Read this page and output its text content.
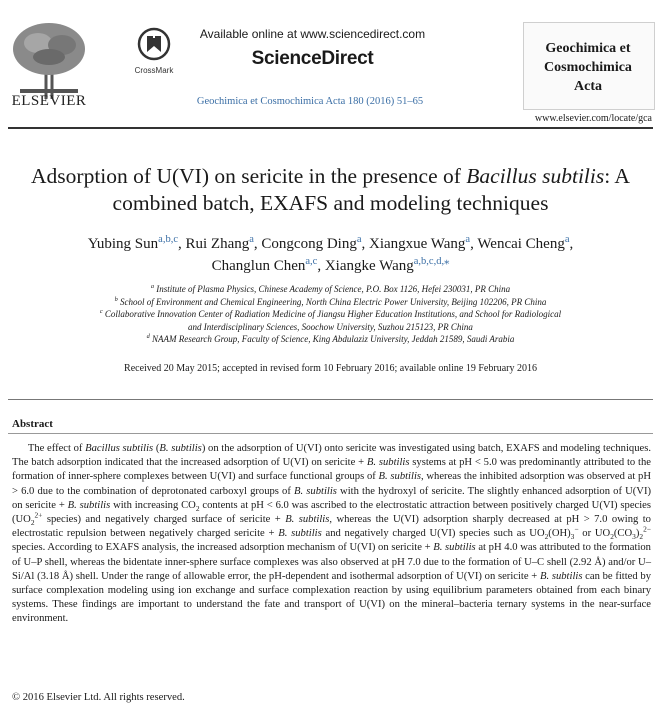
ELSEVIER
CrossMark
Available online at www.sciencedirect.com
ScienceDirect
Geochimica et Cosmochimica Acta 180 (2016) 51–65
Geochimica et
Cosmochimica
Acta
www.elsevier.com/locate/gca
Adsorption of U(VI) on sericite in the presence of Bacillus subtilis: A combined batch, EXAFS and modeling techniques
Yubing Sun$^{a,b,c}$, Rui Zhang$^a$, Congcong Ding$^a$, Xiangxue Wang$^a$, Wencai Cheng$^a$,
Changlun Chen$^{a,c}$, Xiangke Wang$^{a,b,c,d,⁎}$
$^a$ Institute of Plasma Physics, Chinese Academy of Science, P.O. Box 1126, Hefei 230031, PR China
$^b$ School of Environment and Chemical Engineering, North China Electric Power University, Beijing 102206, PR China
$^c$ Collaborative Innovation Center of Radiation Medicine of Jiangsu Higher Education Institutions, and School for Radiological
and Interdisciplinary Sciences, Soochow University, Suzhou 215123, PR China
$^d$ NAAM Research Group, Faculty of Science, King Abdulaziz University, Jeddah 21589, Saudi Arabia
Received 20 May 2015; accepted in revised form 10 February 2016; available online 19 February 2016
Abstract
  The effect of Bacillus subtilis (B. subtilis) on the adsorption of U(VI) onto sericite was investigated using batch, EXAFS and modeling techniques. The batch adsorption indicated that the increased adsorption of U(VI) on sericite + B. subtilis systems at pH < 5.0 was predominantly attributed to the formation of inner-sphere complexes between U(VI) and surface functional groups of B. subtilis, whereas the inhibited adsorption was observed at pH > 6.0 due to the combination of deprotonated carboxyl groups of B. subtilis with the hydroxyl of sericite. The slightly enhanced adsorption of U(VI) on sericite + B. subtilis with increasing $CO_2$ contents at pH < 6.0 was ascribed to the electrostatic attraction between positively charged U(VI) species ($UO_2^{2+}$ species) and negatively charged surface of sericite + B. subtilis, whereas the U(VI) adsorption sharply decreased at pH > 7.0 owing to electrostatic repulsion between negatively charged sericite + B. subtilis and negatively charged U(VI) species such as $UO_2(OH)_3^-$ or $UO_2(CO_3)_2^{2-}$ species. According to EXAFS analysis, the increased adsorption mechanism of U(VI) on sericite + B. subtilis at pH 4.0 was attributed to the formation of U–P shell, whereas the bidentate inner-sphere surface complexes was also observed at pH 7.0 due to the formation of U–C shell (2.92 Å) and/or U–Si/Al (3.18 Å) shell. Under the range of allowable error, the pH-dependent and isothermal adsorption of U(VI) on sericite + B. subtilis can be fitted by surface complexation modeling using ion exchange and surface complexation reaction by using equilibrium parameters obtained from each binary systems. These findings are important to understand the fate and transport of U(VI) on the mineral–bacteria ternary systems in the near-surface environment.
© 2016 Elsevier Ltd. All rights reserved.
